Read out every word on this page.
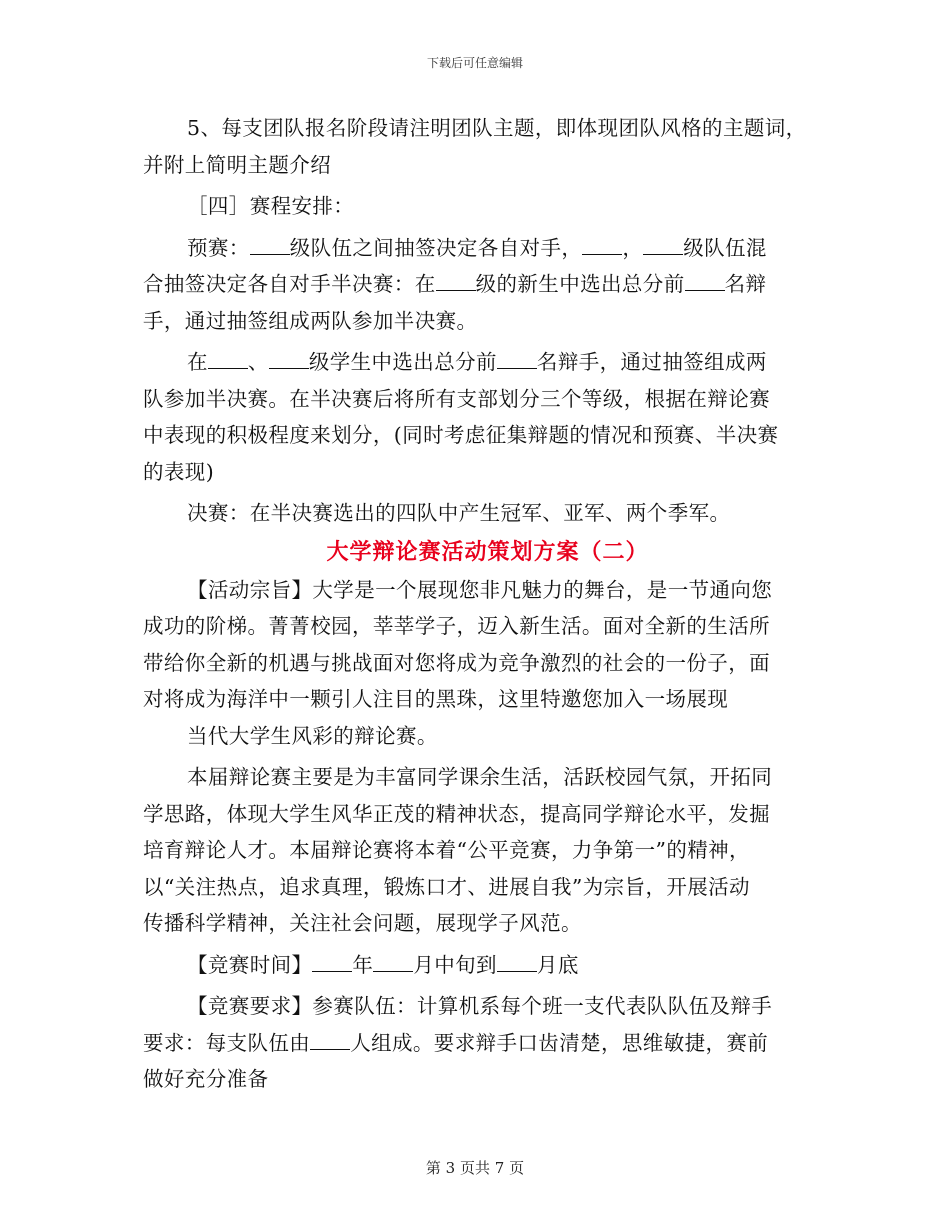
下载后可任意编辑
5、每支团队报名阶段请注明团队主题，即体现团队风格的主题词，
并附上简明主题介绍
［四］赛程安排：
预赛： 级队伍之间抽签决定各自对手， ， 级队伍混
合抽签决定各自对手半决赛：在 级的新生中选出总分前 名辩
手，通过抽签组成两队参加半决赛。
在 、 级学生中选出总分前 名辩手，通过抽签组成两
队参加半决赛。在半决赛后将所有支部划分三个等级，根据在辩论赛
中表现的积极程度来划分，(同时考虑征集辩题的情况和预赛、半决赛
的表现)
决赛：在半决赛选出的四队中产生冠军、亚军、两个季军。
大学辩论赛活动策划方案（二）
【活动宗旨】大学是一个展现您非凡魅力的舞台，是一节通向您
成功的阶梯。菁菁校园，莘莘学子，迈入新生活。面对全新的生活所
带给你全新的机遇与挑战面对您将成为竞争激烈的社会的一份子，面
对将成为海洋中一颗引人注目的黑珠，这里特邀您加入一场展现
当代大学生风彩的辩论赛。
本届辩论赛主要是为丰富同学课余生活，活跃校园气氛，开拓同
学思路，体现大学生风华正茂的精神状态，提高同学辩论水平，发掘
培育辩论人才。本届辩论赛将本着“公平竞赛，力争第一”的精神，
以“关注热点，追求真理，锻炼口才、进展自我”为宗旨，开展活动
传播科学精神，关注社会问题，展现学子风范。
【竞赛时间】 年 月中旬到 月底
【竞赛要求】参赛队伍：计算机系每个班一支代表队队伍及辩手
要求：每支队伍由 人组成。要求辩手口齿清楚，思维敏捷，赛前
做好充分准备
第 3 页共 7 页
